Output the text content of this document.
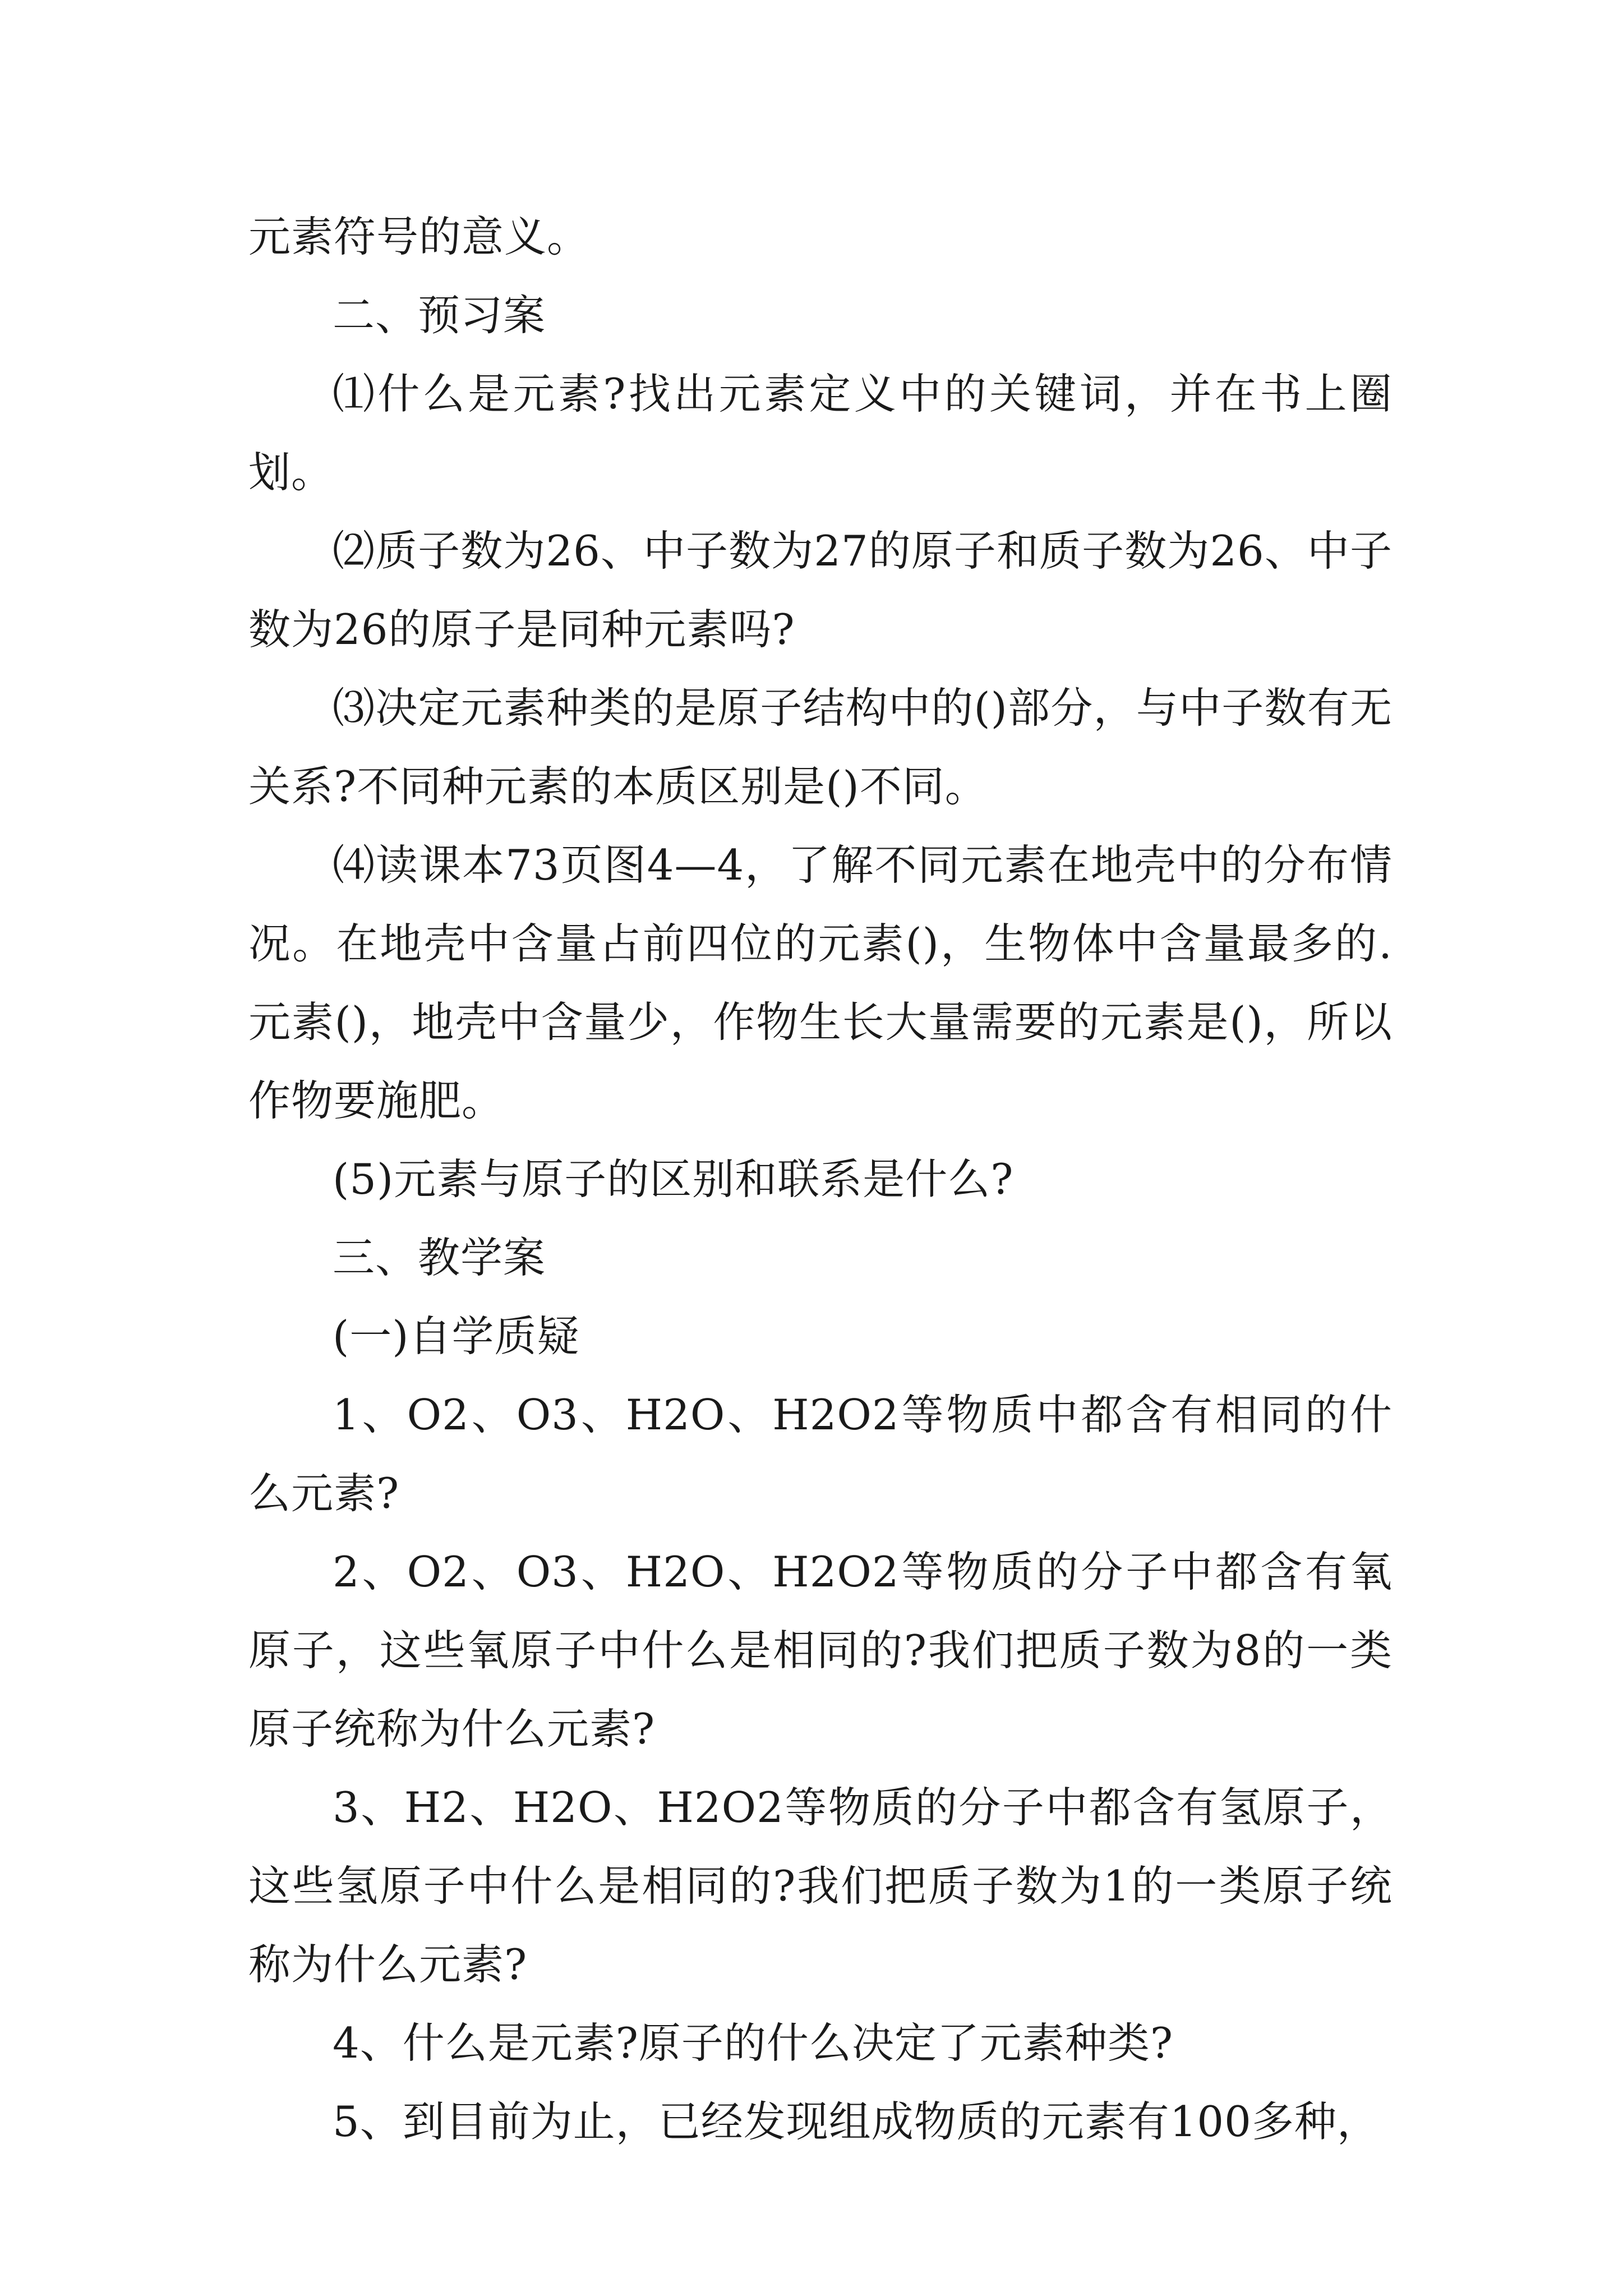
元素符号的意义。

二、预习案

⑴什么是元素?找出元素定义中的关键词，并在书上圈划。

⑵质子数为26、中子数为27的原子和质子数为26、中子数为26的原子是同种元素吗?

⑶决定元素种类的是原子结构中的()部分，与中子数有无关系?不同种元素的本质区别是()不同。

⑷读课本73页图4—4，了解不同元素在地壳中的分布情况。在地壳中含量占前四位的元素()，生物体中含量最多的.元素()，地壳中含量少，作物生长大量需要的元素是()，所以作物要施肥。

(5)元素与原子的区别和联系是什么?

三、教学案

(一)自学质疑

1、O2、O3、H2O、H2O2等物质中都含有相同的什么元素?

2、O2、O3、H2O、H2O2等物质的分子中都含有氧原子，这些氧原子中什么是相同的?我们把质子数为8的一类原子统称为什么元素?

3、H2、H2O、H2O2等物质的分子中都含有氢原子，这些氢原子中什么是相同的?我们把质子数为1的一类原子统称为什么元素?

4、什么是元素?原子的什么决定了元素种类?

5、到目前为止，已经发现组成物质的元素有100多种，
